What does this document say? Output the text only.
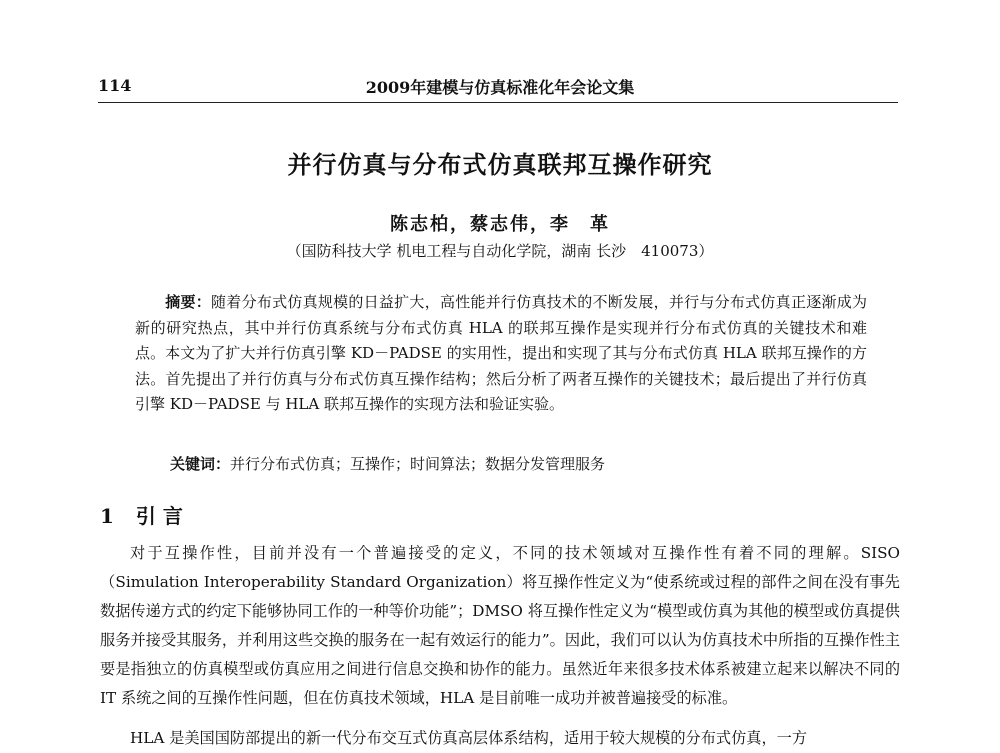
114	2009年建模与仿真标准化年会论文集
并行仿真与分布式仿真联邦互操作研究
陈志柏，蔡志伟，李　革
（国防科技大学 机电工程与自动化学院，湖南 长沙　410073）
摘要：随着分布式仿真规模的日益扩大，高性能并行仿真技术的不断发展，并行与分布式仿真正逐渐成为新的研究热点，其中并行仿真系统与分布式仿真 HLA 的联邦互操作是实现并行分布式仿真的关键技术和难点。本文为了扩大并行仿真引擎 KD－PADSE 的实用性，提出和实现了其与分布式仿真 HLA 联邦互操作的方法。首先提出了并行仿真与分布式仿真互操作结构；然后分析了两者互操作的关键技术；最后提出了并行仿真引擎 KD－PADSE 与 HLA 联邦互操作的实现方法和验证实验。
关键词：并行分布式仿真；互操作；时间算法；数据分发管理服务
1 引 言

对于互操作性，目前并没有一个普遍接受的定义，不同的技术领域对互操作性有着不同的理解。SISO（Simulation Interoperability Standard Organization）将互操作性定义为“使系统或过程的部件之间在没有事先数据传递方式的约定下能够协同工作的一种等价功能”；DMSO 将互操作性定义为“模型或仿真为其他的模型或仿真提供服务并接受其服务，并利用这些交换的服务在一起有效运行的能力”。因此，我们可以认为仿真技术中所指的互操作性主要是指独立的仿真模型或仿真应用之间进行信息交换和协作的能力。虽然近年来很多技术体系被建立起来以解决不同的 IT 系统之间的互操作性问题，但在仿真技术领域，HLA 是目前唯一成功并被普遍接受的标准。

HLA 是美国国防部提出的新一代分布交互式仿真高层体系结构，适用于较大规模的分布式仿真，一方
